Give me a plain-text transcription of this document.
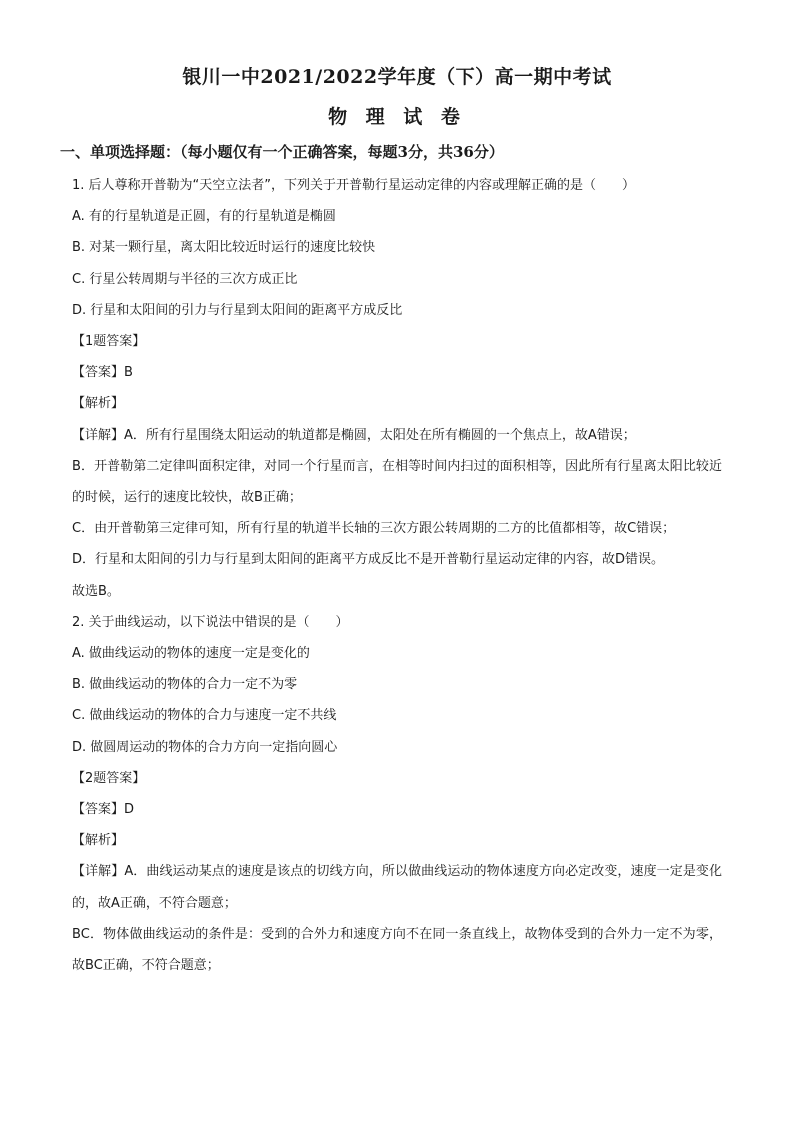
银川一中2021/2022学年度（下）高一期中考试
物 理 试 卷
一、单项选择题：（每小题仅有一个正确答案，每题3分，共36分）
1. 后人尊称开普勒为“天空立法者”，下列关于开普勒行星运动定律的内容或理解正确的是（　　）
A. 有的行星轨道是正圆，有的行星轨道是椭圆
B. 对某一颗行星，离太阳比较近时运行的速度比较快
C. 行星公转周期与半径的三次方成正比
D. 行星和太阳间的引力与行星到太阳间的距离平方成反比
【1题答案】
【答案】B
【解析】
【详解】A．所有行星围绕太阳运动的轨道都是椭圆，太阳处在所有椭圆的一个焦点上，故A错误；
B．开普勒第二定律叫面积定律，对同一个行星而言，在相等时间内扫过的面积相等，因此所有行星离太阳比较近的时候，运行的速度比较快，故B正确；
C．由开普勒第三定律可知，所有行星的轨道半长轴的三次方跟公转周期的二方的比值都相等，故C错误；
D．行星和太阳间的引力与行星到太阳间的距离平方成反比不是开普勒行星运动定律的内容，故D错误。
故选B。
2. 关于曲线运动，以下说法中错误的是（　　）
A. 做曲线运动的物体的速度一定是变化的
B. 做曲线运动的物体的合力一定不为零
C. 做曲线运动的物体的合力与速度一定不共线
D. 做圆周运动的物体的合力方向一定指向圆心
【2题答案】
【答案】D
【解析】
【详解】A．曲线运动某点的速度是该点的切线方向，所以做曲线运动的物体速度方向必定改变，速度一定是变化的，故A正确，不符合题意；
BC．物体做曲线运动的条件是：受到的合外力和速度方向不在同一条直线上，故物体受到的合外力一定不为零，故BC正确，不符合题意；
